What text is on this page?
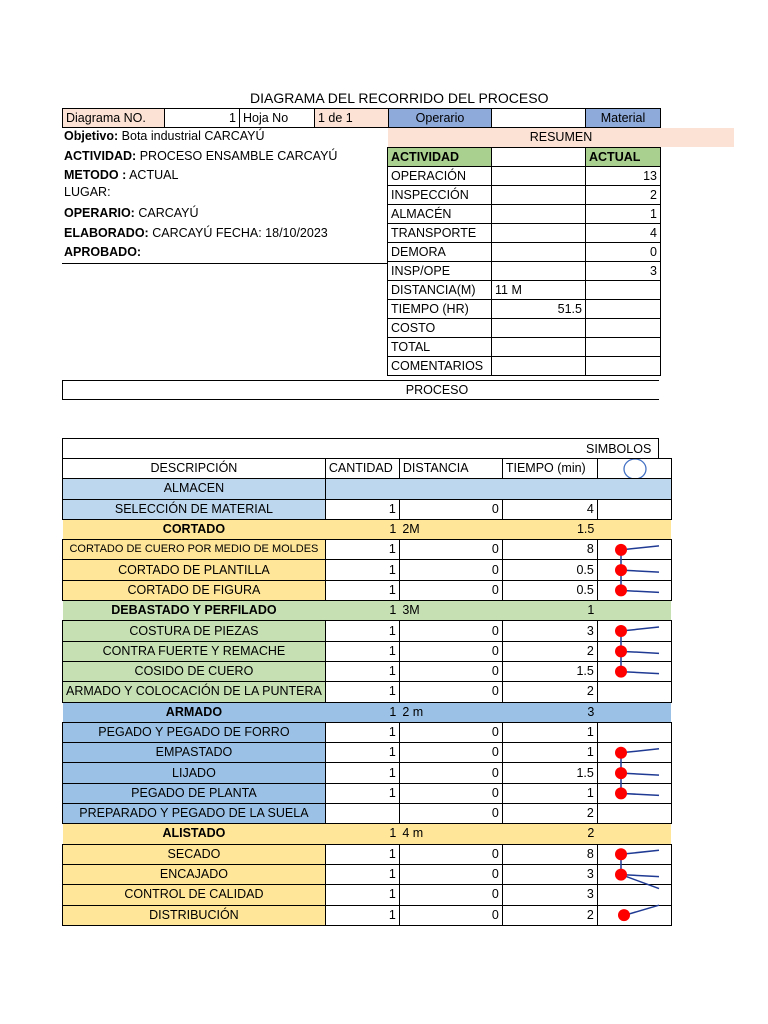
DIAGRAMA DEL RECORRIDO DEL PROCESO
Diagrama NO.	1	Hoja No	1 de 1	Operario		Material
RESUMEN
Objetivo: Bota industrial CARCAYÚ
ACTIVIDAD: PROCESO ENSAMBLE CARCAYÚ
METODO : ACTUAL
LUGAR:
OPERARIO: CARCAYÚ
ELABORADO: CARCAYÚ FECHA: 18/10/2023
APROBADO:
ACTIVIDAD		ACTUAL
OPERACIÓN		13
INSPECCIÓN		2
ALMACÉN		1
TRANSPORTE		4
DEMORA		0
INSP/OPE		3
DISTANCIA(M)	11 M	
TIEMPO (HR)	51.5	
COSTO		
TOTAL		
COMENTARIOS		
PROCESO
SIMBOLOS
DESCRIPCIÓN	CANTIDAD	DISTANCIA	TIEMPO (min)	

ALMACEN				
SELECCIÓN DE MATERIAL	1	0	4	
CORTADO	1	2M	1.5	
CORTADO DE CUERO POR MEDIO DE MOLDES	1	0	8	
CORTADO DE PLANTILLA	1	0	0.5	
CORTADO DE FIGURA	1	0	0.5	
DEBASTADO Y PERFILADO	1	3M	1	
COSTURA DE PIEZAS	1	0	3	
CONTRA FUERTE Y REMACHE	1	0	2	
COSIDO DE CUERO	1	0	1.5	
ARMADO Y COLOCACIÓN DE LA PUNTERA	1	0	2	
ARMADO	1	2 m	3	
PEGADO Y PEGADO DE FORRO	1	0	1	
EMPASTADO	1	0	1	
LIJADO	1	0	1.5	
PEGADO DE PLANTA	1	0	1	
PREPARADO Y PEGADO DE LA SUELA		0	2	
ALISTADO	1	4 m	2	
SECADO	1	0	8	
ENCAJADO	1	0	3	
CONTROL DE CALIDAD	1	0	3	
DISTRIBUCIÓN	1	0	2	
